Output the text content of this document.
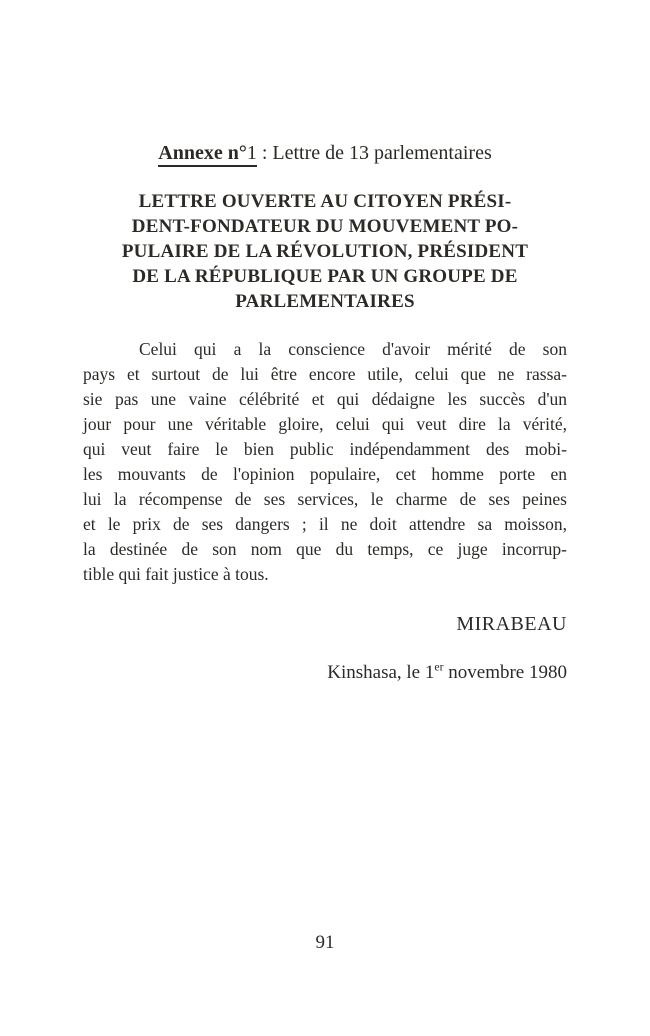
Annexe n°1 : Lettre de 13 parlementaires
LETTRE OUVERTE AU CITOYEN PRÉSI-
DENT-FONDATEUR DU MOUVEMENT PO-
PULAIRE DE LA RÉVOLUTION, PRÉSIDENT
DE LA RÉPUBLIQUE PAR UN GROUPE DE
PARLEMENTAIRES
Celui qui a la conscience d'avoir mérité de son
pays et surtout de lui être encore utile, celui que ne rassa-
sie pas une vaine célébrité et qui dédaigne les succès d'un
jour pour une véritable gloire, celui qui veut dire la vérité,
qui veut faire le bien public indépendamment des mobi-
les mouvants de l'opinion populaire, cet homme porte en
lui la récompense de ses services, le charme de ses peines
et le prix de ses dangers ; il ne doit attendre sa moisson,
la destinée de son nom que du temps, ce juge incorrup-
tible qui fait justice à tous.
MIRABEAU
Kinshasa, le 1er novembre 1980
91
